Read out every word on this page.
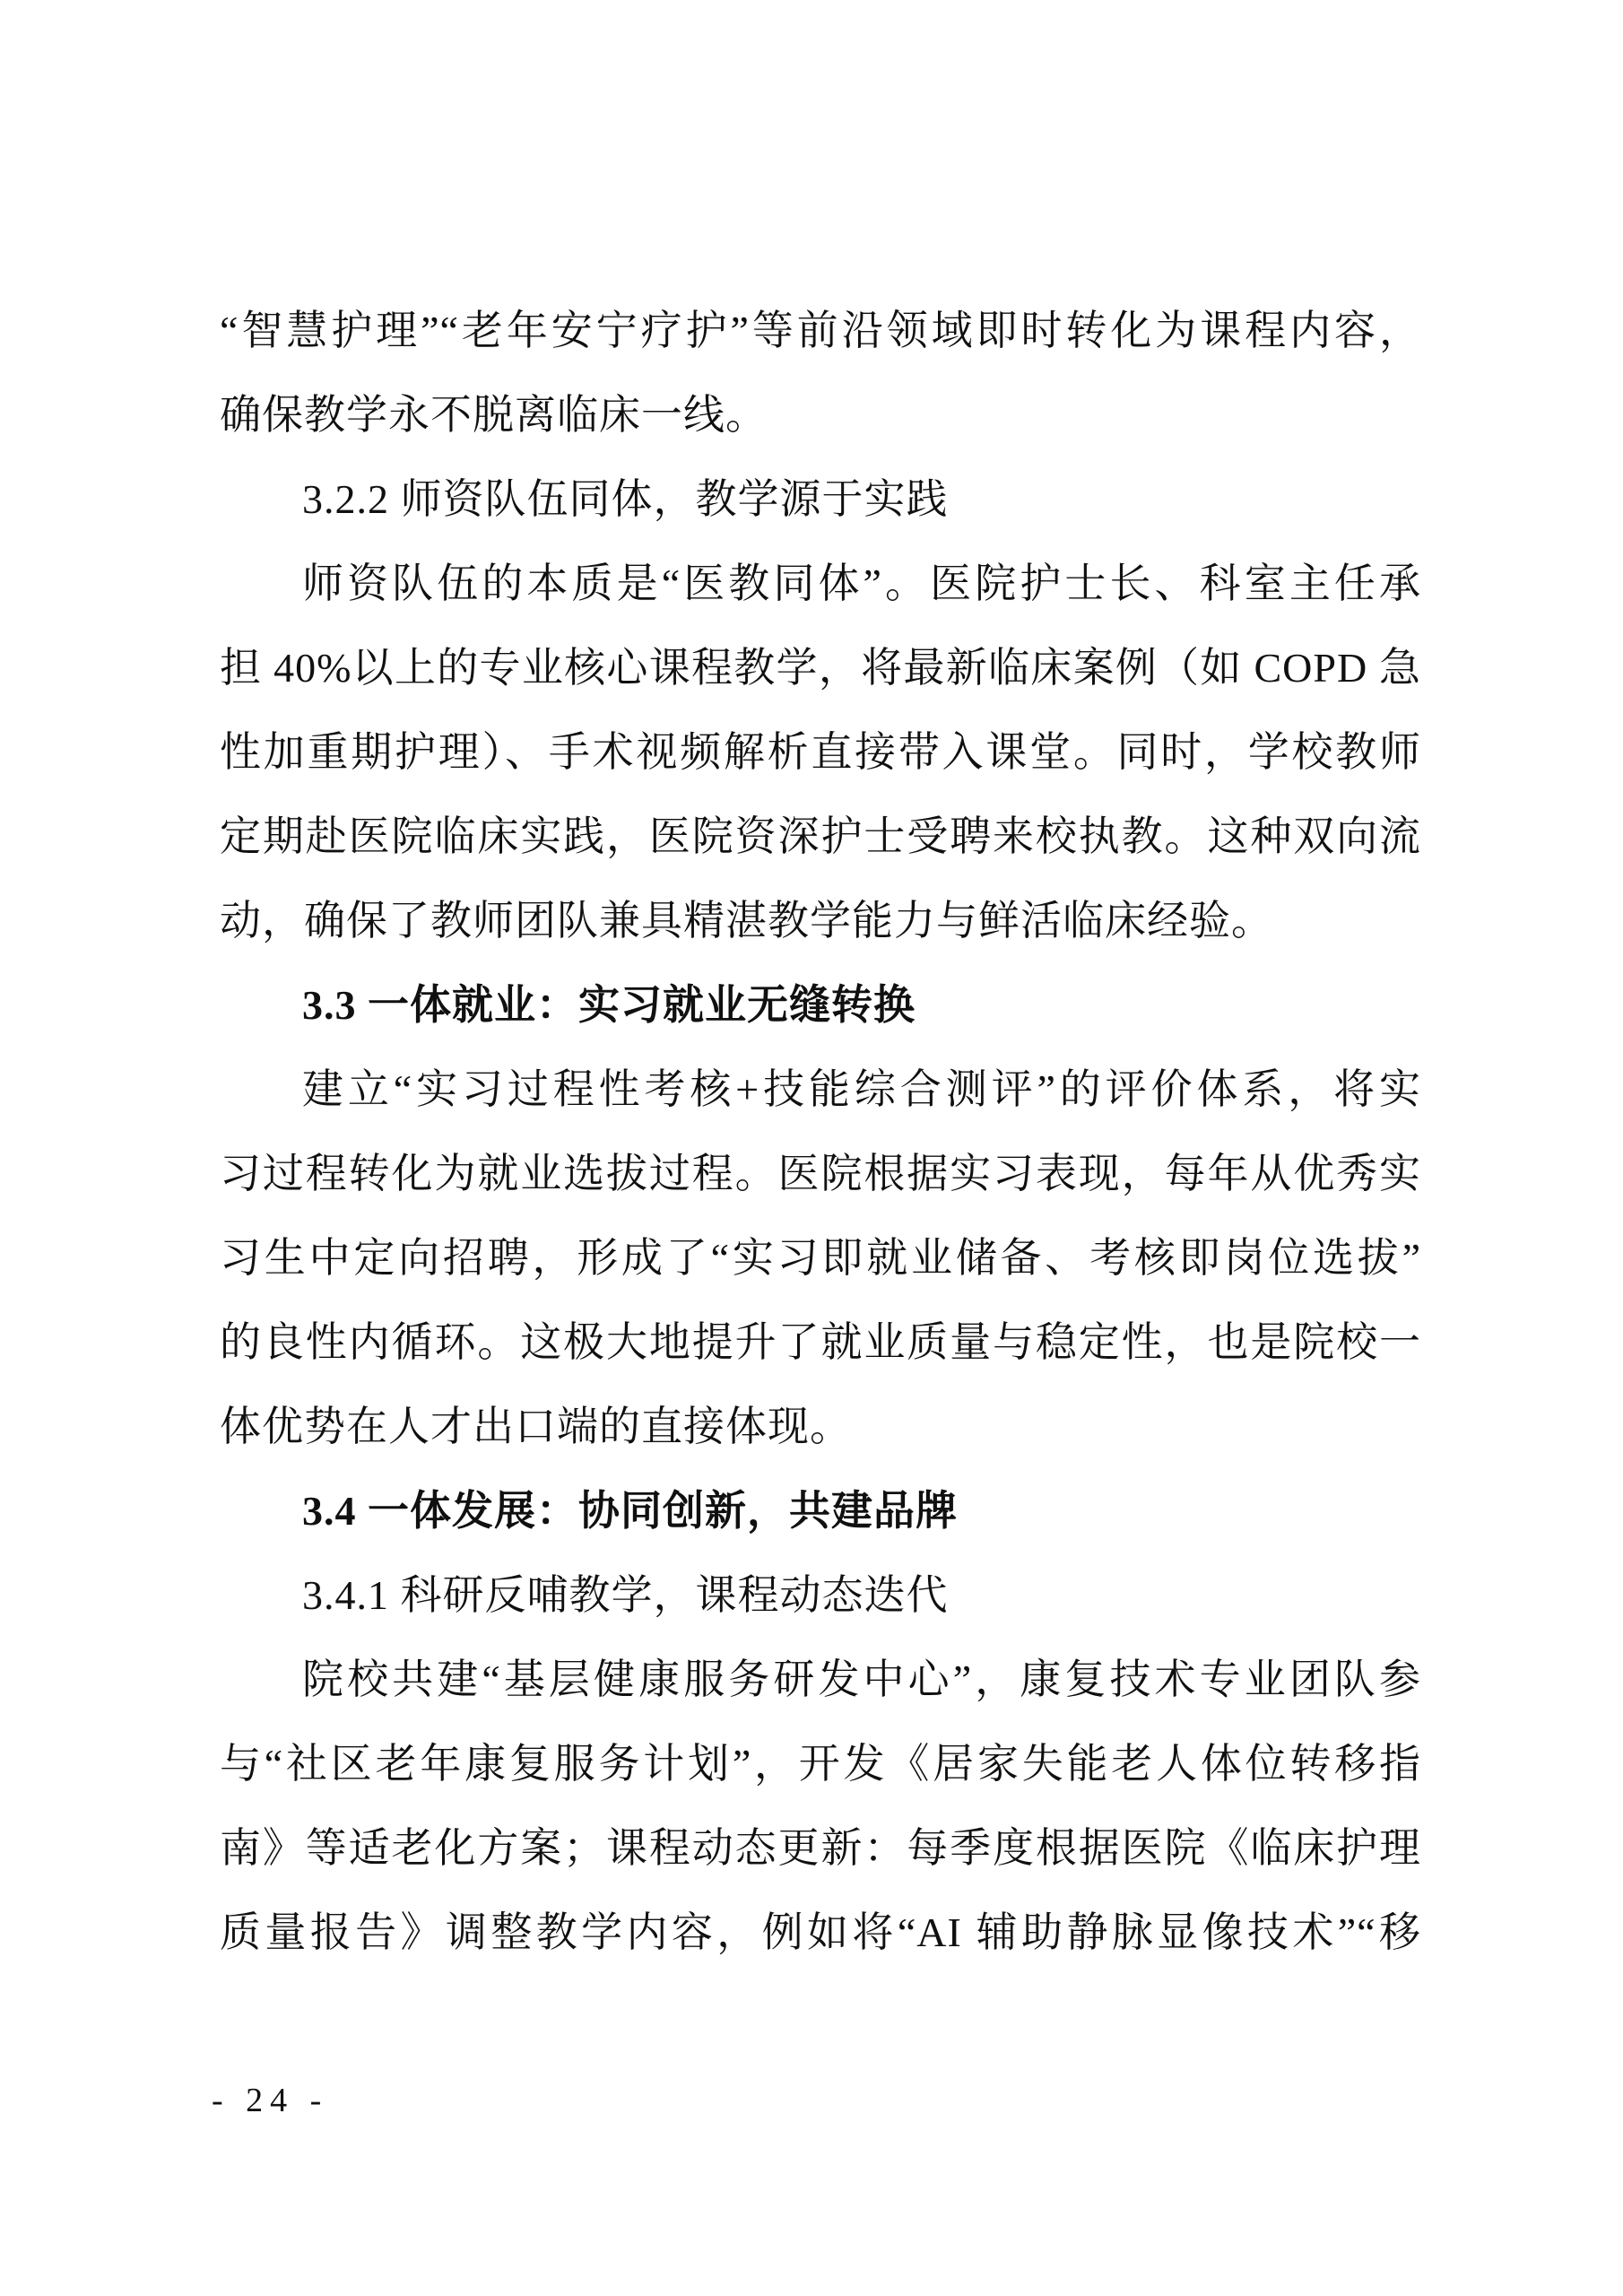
“智慧护理”“老年安宁疗护”等前沿领域即时转化为课程内容，
确保教学永不脱离临床一线。
3.2.2 师资队伍同体，教学源于实践
师资队伍的本质是“医教同体”。医院护士长、科室主任承
担 40%以上的专业核心课程教学，将最新临床案例（如 COPD 急
性加重期护理）、手术视频解析直接带入课堂。同时，学校教师
定期赴医院临床实践，医院资深护士受聘来校执教。这种双向流
动，确保了教师团队兼具精湛教学能力与鲜活临床经验。
3.3 一体就业：实习就业无缝转换
建立“实习过程性考核+技能综合测评”的评价体系，将实
习过程转化为就业选拔过程。医院根据实习表现，每年从优秀实
习生中定向招聘，形成了“实习即就业储备、考核即岗位选拔”
的良性内循环。这极大地提升了就业质量与稳定性，也是院校一
体优势在人才出口端的直接体现。
3.4 一体发展：协同创新，共建品牌
3.4.1 科研反哺教学，课程动态迭代
院校共建“基层健康服务研发中心”，康复技术专业团队参
与“社区老年康复服务计划”，开发《居家失能老人体位转移指
南》等适老化方案；课程动态更新：每季度根据医院《临床护理
质量报告》调整教学内容，例如将“AI 辅助静脉显像技术”“移
- 24 -
